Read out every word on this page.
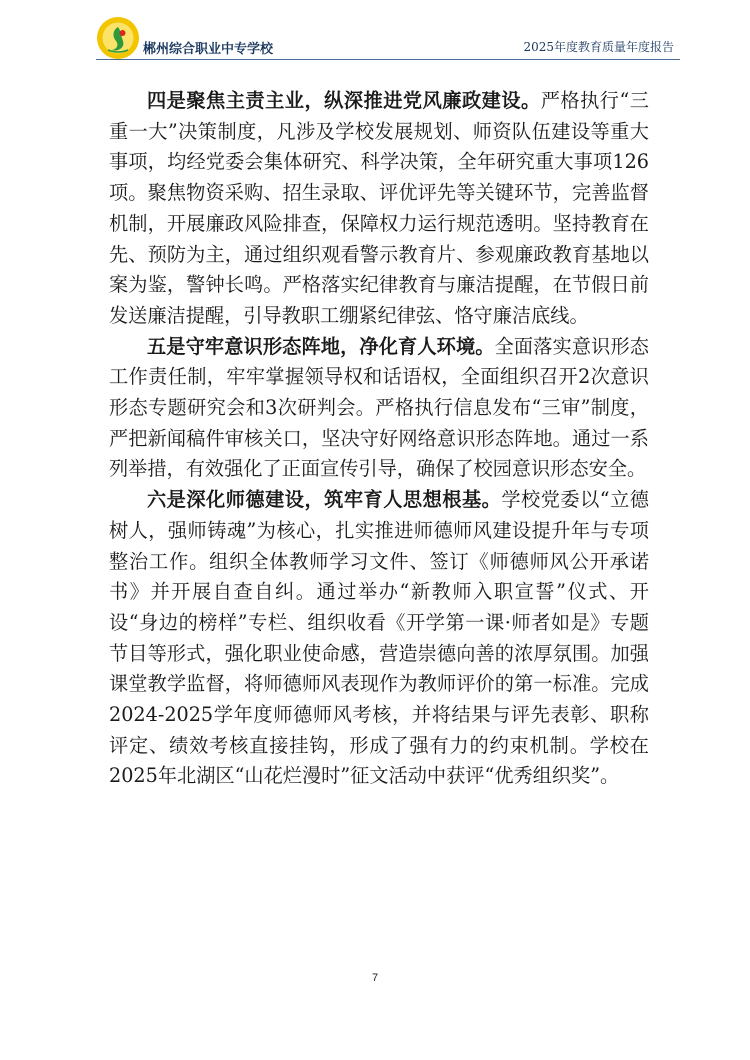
郴州综合职业中专学校	2025年度教育质量年度报告

四是聚焦主责主业，纵深推进党风廉政建设。严格执行“三重一大”决策制度，凡涉及学校发展规划、师资队伍建设等重大事项，均经党委会集体研究、科学决策，全年研究重大事项126项。聚焦物资采购、招生录取、评优评先等关键环节，完善监督机制，开展廉政风险排查，保障权力运行规范透明。坚持教育在先、预防为主，通过组织观看警示教育片、参观廉政教育基地以案为鉴，警钟长鸣。严格落实纪律教育与廉洁提醒，在节假日前发送廉洁提醒，引导教职工绷紧纪律弦、恪守廉洁底线。

五是守牢意识形态阵地，净化育人环境。全面落实意识形态工作责任制，牢牢掌握领导权和话语权，全面组织召开2次意识形态专题研究会和3次研判会。严格执行信息发布“三审”制度，严把新闻稿件审核关口，坚决守好网络意识形态阵地。通过一系列举措，有效强化了正面宣传引导，确保了校园意识形态安全。

六是深化师德建设，筑牢育人思想根基。学校党委以“立德树人，强师铸魂”为核心，扎实推进师德师风建设提升年与专项整治工作。组织全体教师学习文件、签订《师德师风公开承诺书》并开展自查自纠。通过举办“新教师入职宣誓”仪式、开设“身边的榜样”专栏、组织收看《开学第一课·师者如是》专题节目等形式，强化职业使命感，营造崇德向善的浓厚氛围。加强课堂教学监督，将师德师风表现作为教师评价的第一标准。完成2024-2025学年度师德师风考核，并将结果与评先表彰、职称评定、绩效考核直接挂钩，形成了强有力的约束机制。学校在2025年北湖区“山花烂漫时”征文活动中获评“优秀组织奖”。

7
